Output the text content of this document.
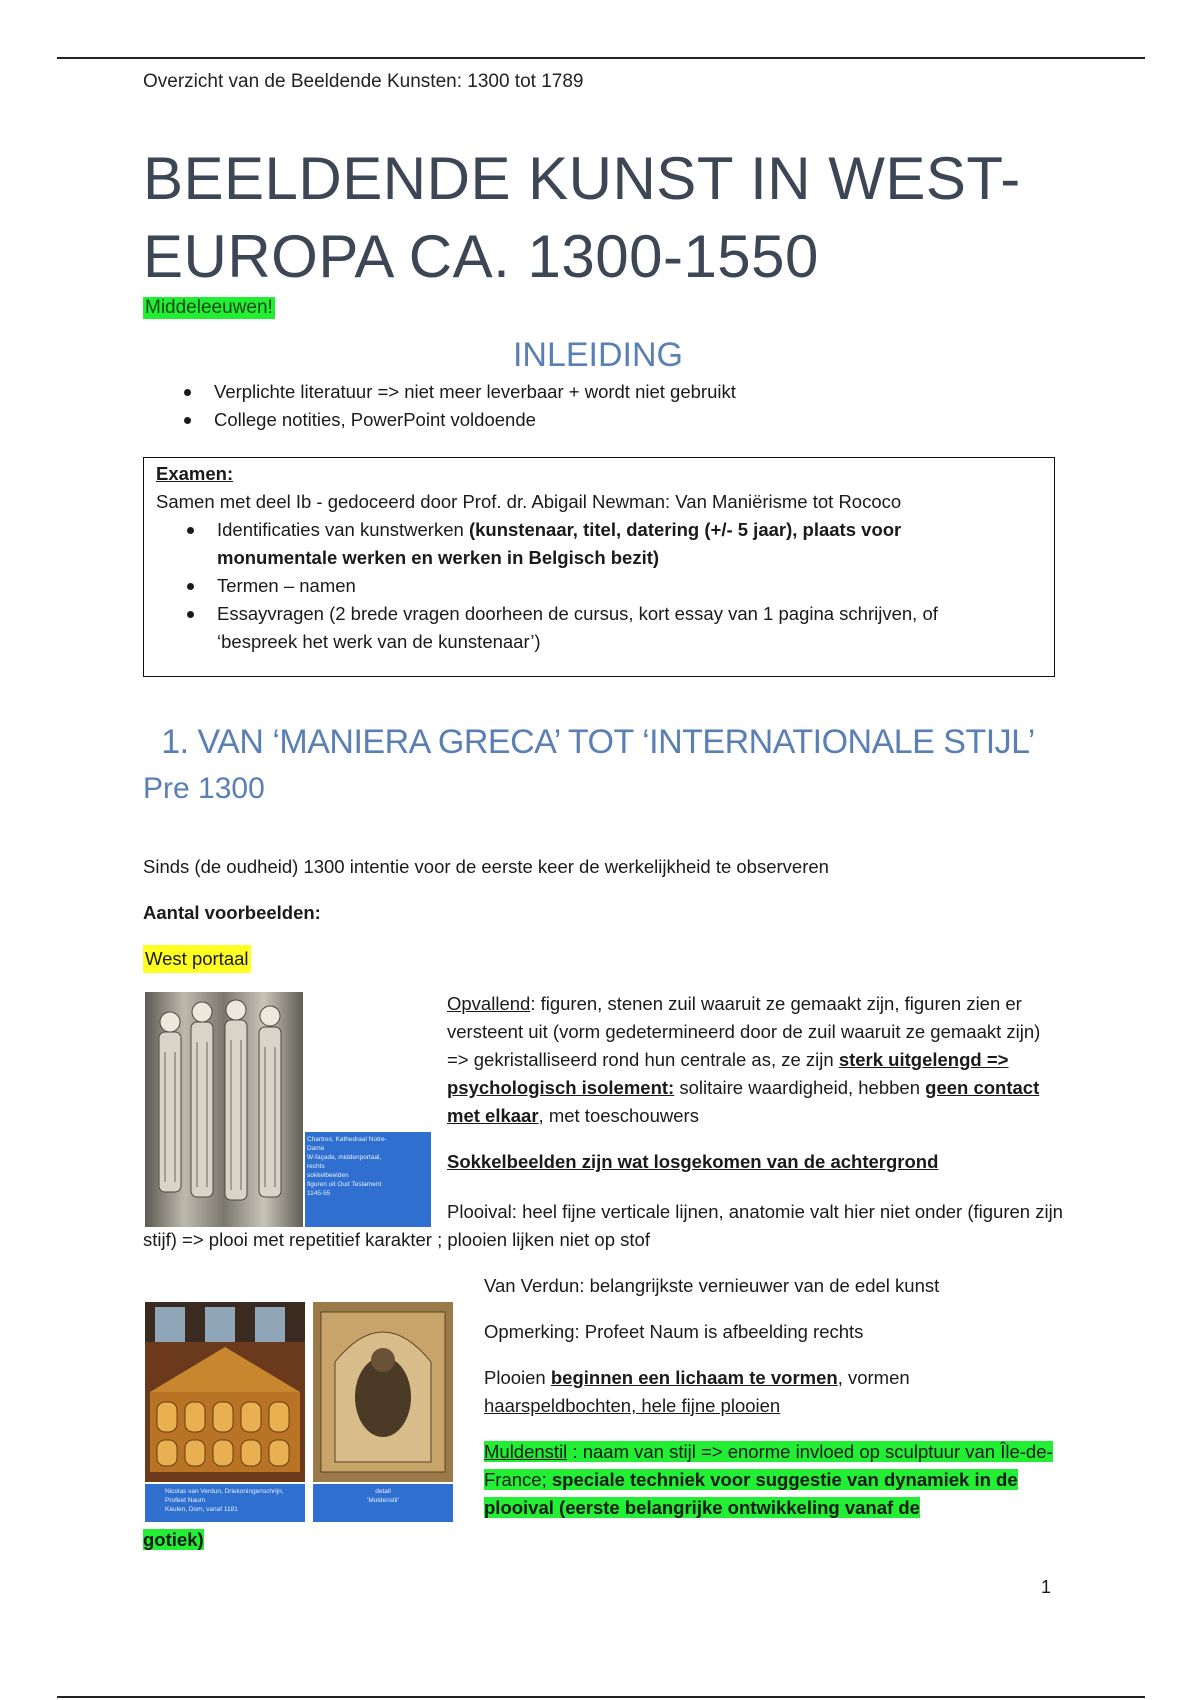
Overzicht van de Beeldende Kunsten: 1300 tot 1789
BEELDENDE KUNST IN WEST-
EUROPA CA. 1300-1550
Middeleeuwen!
INLEIDING
Verplichte literatuur => niet meer leverbaar + wordt niet gebruikt
College notities, PowerPoint voldoende
Examen:
Samen met deel Ib - gedoceerd door Prof. dr. Abigail Newman: Van Maniërisme tot Rococo
Identificaties van kunstwerken (kunstenaar, titel, datering (+/- 5 jaar), plaats voor monumentale werken en werken in Belgisch bezit)
Termen – namen
Essayvragen (2 brede vragen doorheen de cursus, kort essay van 1 pagina schrijven, of ‘bespreek het werk van de kunstenaar’)
1. VAN ‘MANIERA GRECA’ TOT ‘INTERNATIONALE STIJL’
Pre 1300
Sinds (de oudheid) 1300 intentie voor de eerste keer de werkelijkheid te observeren
Aantal voorbeelden:
West portaal
Chartres, Kathedraal Notre-
Dame
W-façade, middenportaal,
rechts
sokkelbeelden
figuren uit Oud Testament
1145-55
Opvallend: figuren, stenen zuil waaruit ze gemaakt zijn, figuren zien er versteent uit (vorm gedetermineerd door de zuil waaruit ze gemaakt zijn) => gekristalliseerd rond hun centrale as, ze zijn sterk uitgelengd => psychologisch isolement: solitaire waardigheid, hebben geen contact met elkaar, met toeschouwers
Sokkelbeelden zijn wat losgekomen van de achtergrond
Plooival: heel fijne verticale lijnen, anatomie valt hier niet onder (figuren zijn stijf) => plooi met repetitief karakter ; plooien lijken niet op stof
Nicolas van Verdun, Driekoningenschrijn,
Profeet Naum
Keulen, Dom, vanaf 1181
detail
'Muldenstil'
Van Verdun: belangrijkste vernieuwer van de edel kunst
Opmerking: Profeet Naum is afbeelding rechts
Plooien beginnen een lichaam te vormen, vormen haarspeldbochten, hele fijne plooien
Muldenstil : naam van stijl => enorme invloed op sculptuur van Île-de-France; speciale techniek voor suggestie van dynamiek in de plooival (eerste belangrijke ontwikkeling vanaf de
gotiek)
1
